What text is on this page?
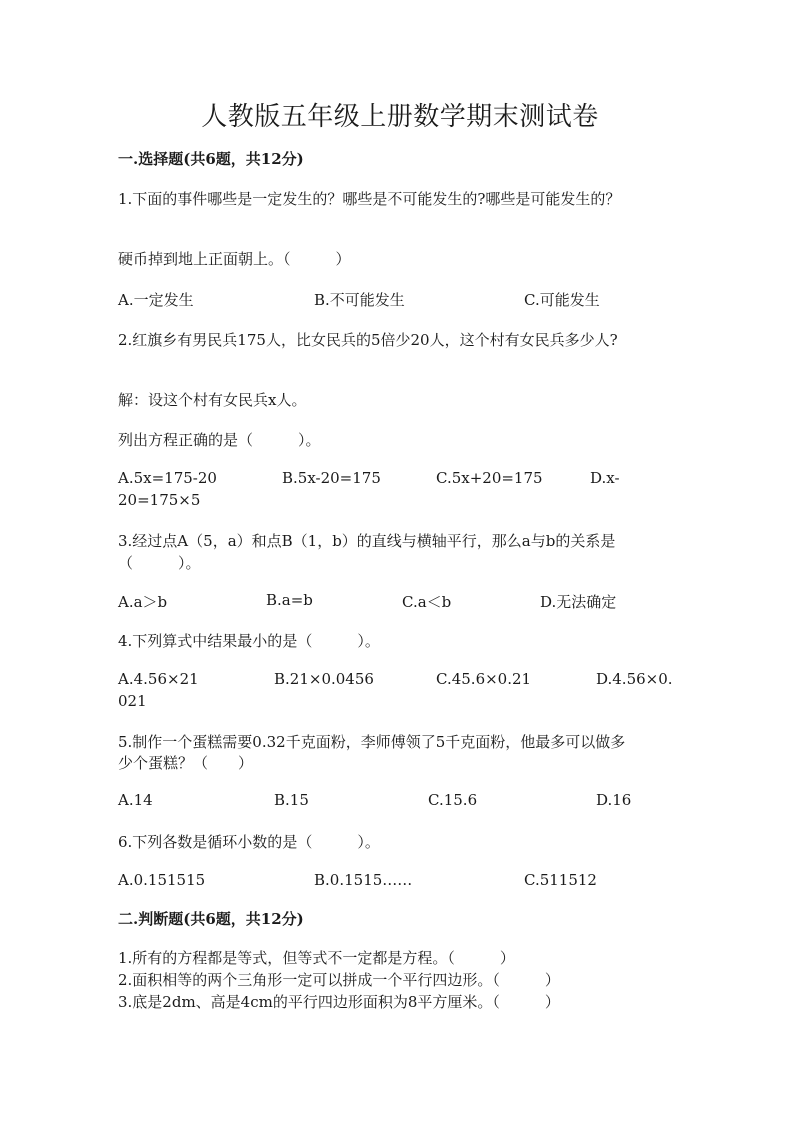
人教版五年级上册数学期末测试卷
一.选择题(共6题，共12分)
1.下面的事件哪些是一定发生的？哪些是不可能发生的?哪些是可能发生的？
硬币掉到地上正面朝上。（　　　）
A.一定发生	B.不可能发生	C.可能发生
2.红旗乡有男民兵175人，比女民兵的5倍少20人，这个村有女民兵多少人?
解：设这个村有女民兵x人。
列出方程正确的是（　　　）。
A.5x=175-20	B.5x-20=175	C.5x+20=175	D.x-
20=175×5
3.经过点A（5，a）和点B（1，b）的直线与横轴平行，那么a与b的关系是
（　　　）。
A.a＞b	B.a=b	C.a＜b	D.无法确定
4.下列算式中结果最小的是（　　　）。
A.4.56×21	B.21×0.0456	C.45.6×0.21	D.4.56×0.
021
5.制作一个蛋糕需要0.32千克面粉，李师傅领了5千克面粉，他最多可以做多
少个蛋糕？（　　）
A.14	B.15	C.15.6	D.16
6.下列各数是循环小数的是（　　　）。
A.0.151515	B.0.1515……	C.511512
二.判断题(共6题，共12分)
1.所有的方程都是等式，但等式不一定都是方程。（　　　）
2.面积相等的两个三角形一定可以拼成一个平行四边形。（　　　）
3.底是2dm、高是4cm的平行四边形面积为8平方厘米。（　　　）
